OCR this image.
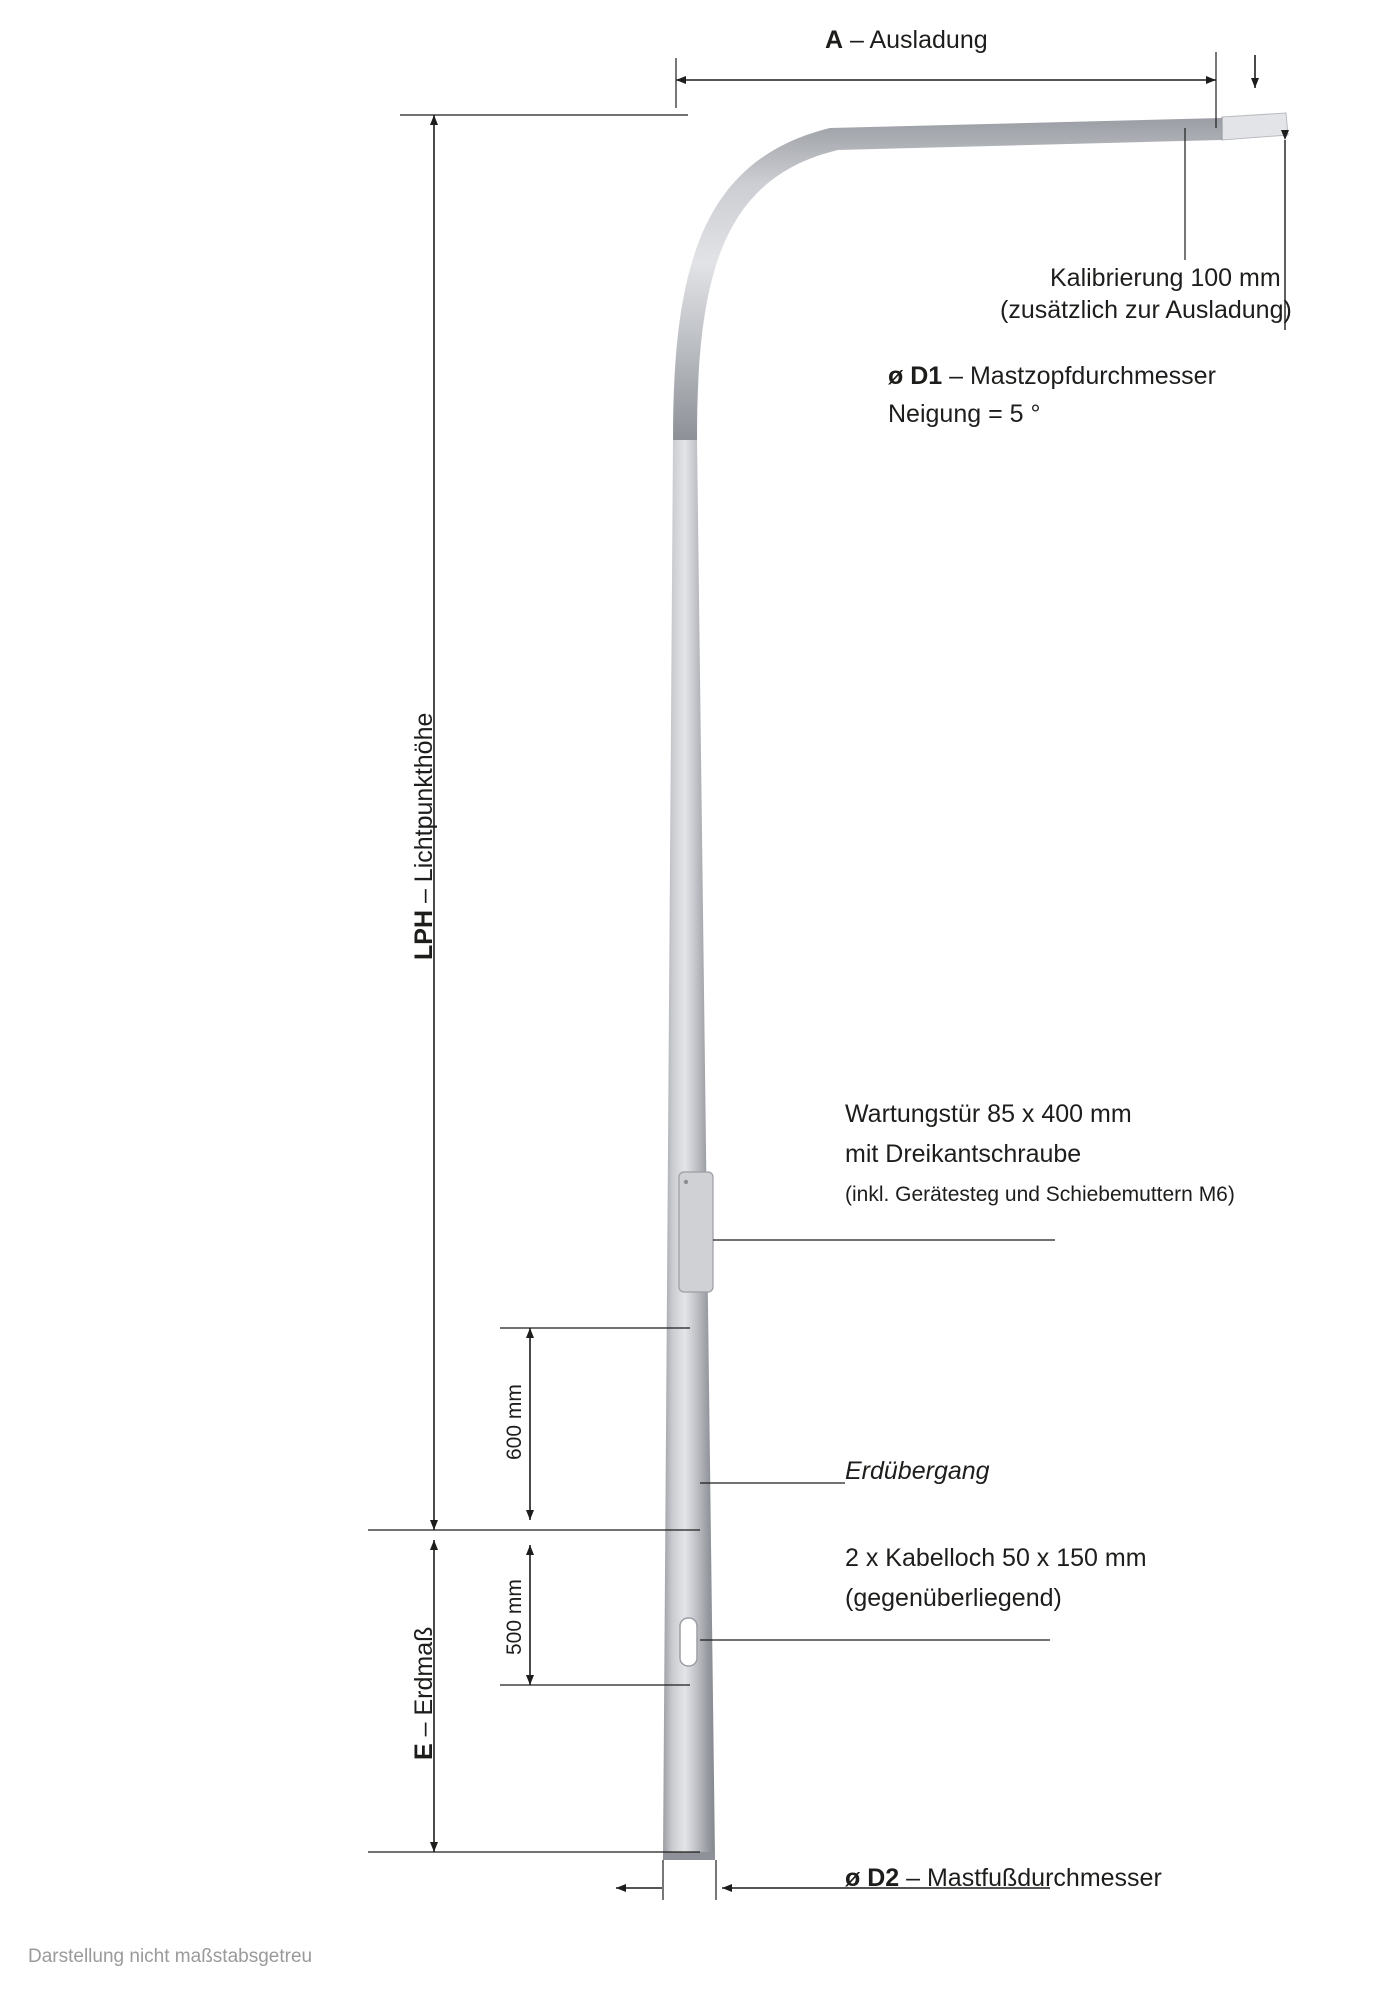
A – Ausladung
Kalibrierung 100 mm
(zusätzlich zur Ausladung)
ø D1 – Mastzopfdurchmesser
Neigung = 5 °
LPH – Lichtpunkthöhe
Wartungstür 85 x 400 mm
mit Dreikantschraube
(inkl. Gerätesteg und Schiebemuttern M6)
600 mm
500 mm
Erdübergang
2 x Kabelloch 50 x 150 mm
(gegenüberliegend)
E – Erdmaß
ø D2 – Mastfußdurchmesser
Darstellung nicht maßstabsgetreu
